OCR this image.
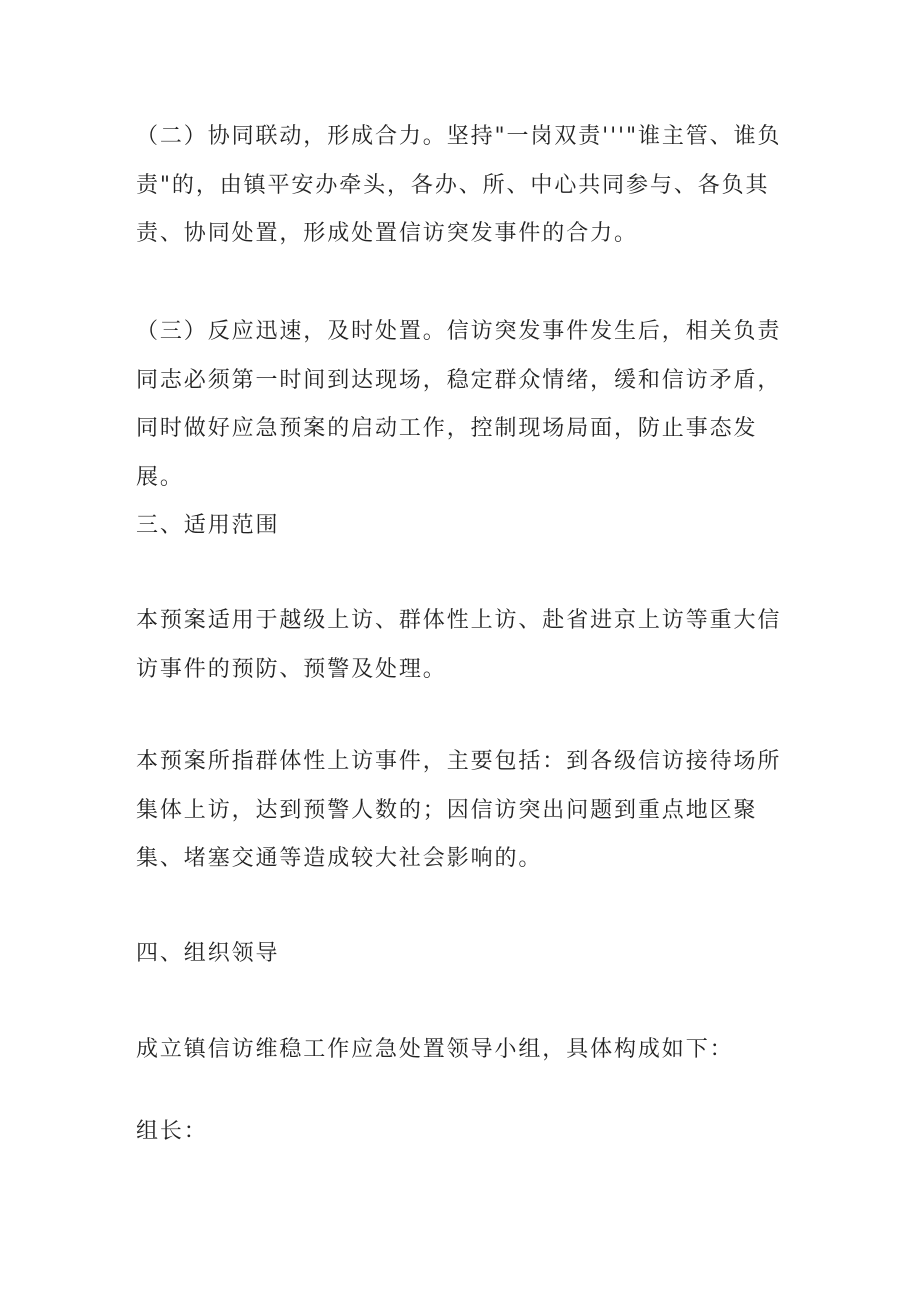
（二）协同联动，形成合力。坚持"一岗双责'''"谁主管、谁负责"的，由镇平安办牵头，各办、所、中心共同参与、各负其责、协同处置，形成处置信访突发事件的合力。

（三）反应迅速，及时处置。信访突发事件发生后，相关负责同志必须第一时间到达现场，稳定群众情绪，缓和信访矛盾，同时做好应急预案的启动工作，控制现场局面，防止事态发展。

三、适用范围

本预案适用于越级上访、群体性上访、赴省进京上访等重大信访事件的预防、预警及处理。

本预案所指群体性上访事件，主要包括：到各级信访接待场所集体上访，达到预警人数的；因信访突出问题到重点地区聚集、堵塞交通等造成较大社会影响的。

四、组织领导

成立镇信访维稳工作应急处置领导小组，具体构成如下：

组长：
